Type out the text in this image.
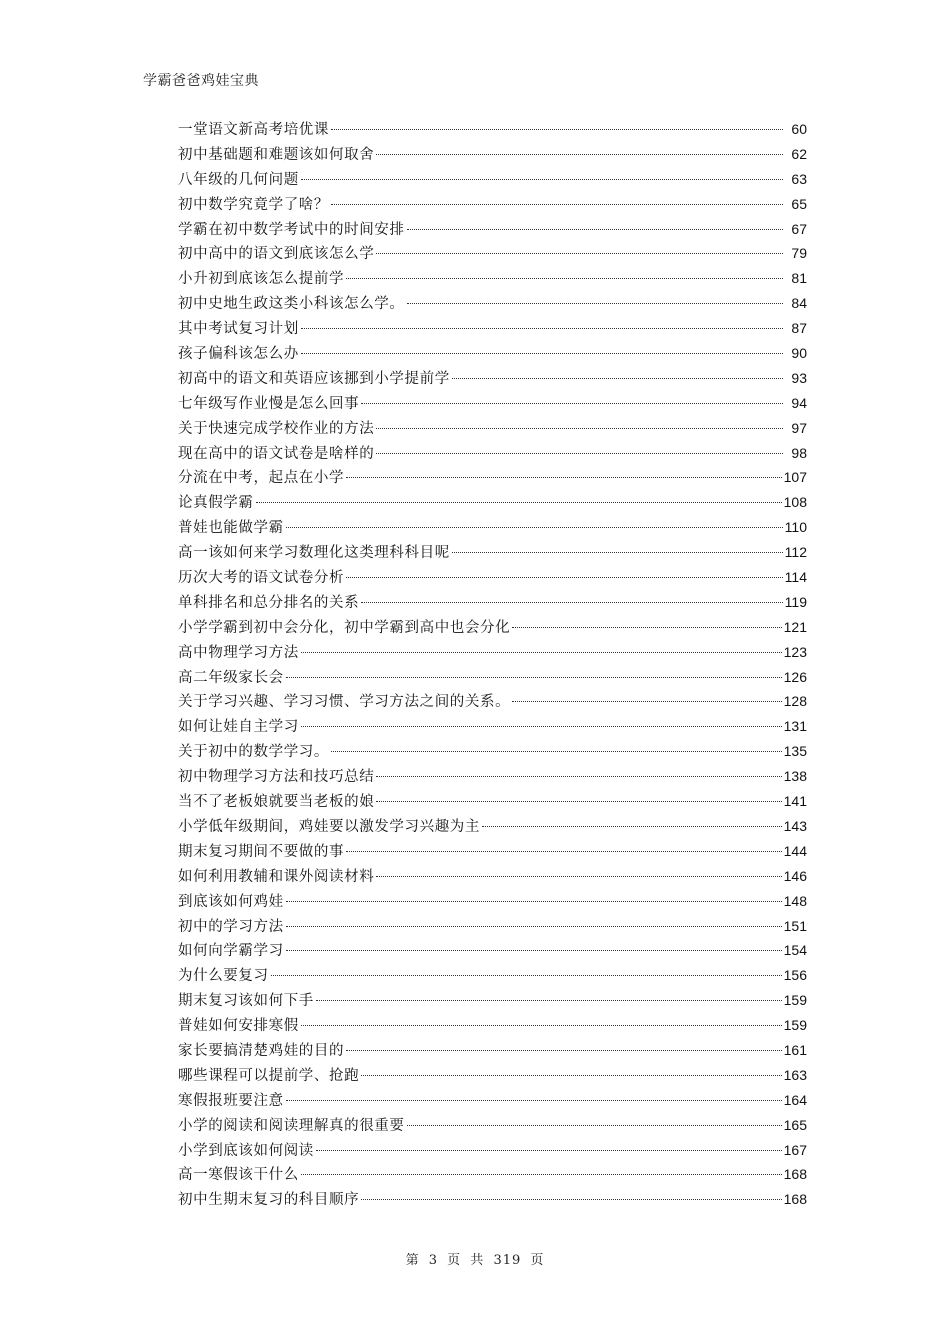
学霸爸爸鸡娃宝典
一堂语文新高考培优课	60
初中基础题和难题该如何取舍	62
八年级的几何问题	63
初中数学究竟学了啥？	65
学霸在初中数学考试中的时间安排	67
初中高中的语文到底该怎么学	79
小升初到底该怎么提前学	81
初中史地生政这类小科该怎么学。	84
其中考试复习计划	87
孩子偏科该怎么办	90
初高中的语文和英语应该挪到小学提前学	93
七年级写作业慢是怎么回事	94
关于快速完成学校作业的方法	97
现在高中的语文试卷是啥样的	98
分流在中考，起点在小学	107
论真假学霸	108
普娃也能做学霸	110
高一该如何来学习数理化这类理科科目呢	112
历次大考的语文试卷分析	114
单科排名和总分排名的关系	119
小学学霸到初中会分化，初中学霸到高中也会分化	121
高中物理学习方法	123
高二年级家长会	126
关于学习兴趣、学习习惯、学习方法之间的关系。	128
如何让娃自主学习	131
关于初中的数学学习。	135
初中物理学习方法和技巧总结	138
当不了老板娘就要当老板的娘	141
小学低年级期间，鸡娃要以激发学习兴趣为主	143
期末复习期间不要做的事	144
如何利用教辅和课外阅读材料	146
到底该如何鸡娃	148
初中的学习方法	151
如何向学霸学习	154
为什么要复习	156
期末复习该如何下手	159
普娃如何安排寒假	159
家长要搞清楚鸡娃的目的	161
哪些课程可以提前学、抢跑	163
寒假报班要注意	164
小学的阅读和阅读理解真的很重要	165
小学到底该如何阅读	167
高一寒假该干什么	168
初中生期末复习的科目顺序	168
第 3 页 共 319 页
